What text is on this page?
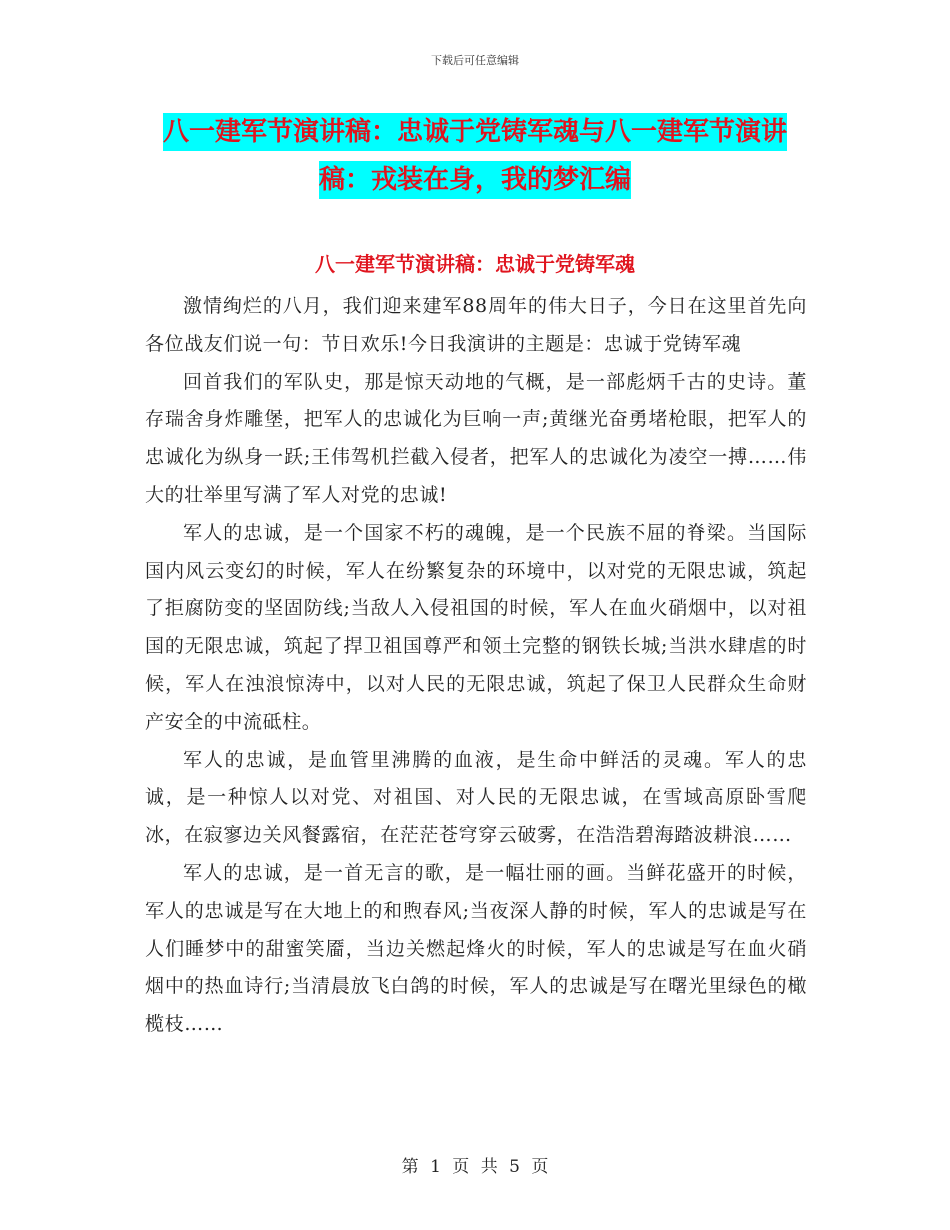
下载后可任意编辑
八一建军节演讲稿：忠诚于党铸军魂与八一建军节演讲稿：戎装在身，我的梦汇编
八一建军节演讲稿：忠诚于党铸军魂

激情绚烂的八月，我们迎来建军88周年的伟大日子，今日在这里首先向各位战友们说一句：节日欢乐!今日我演讲的主题是：忠诚于党铸军魂

回首我们的军队史，那是惊天动地的气概，是一部彪炳千古的史诗。董存瑞舍身炸雕堡，把军人的忠诚化为巨响一声;黄继光奋勇堵枪眼，把军人的忠诚化为纵身一跃;王伟驾机拦截入侵者，把军人的忠诚化为凌空一搏……伟大的壮举里写满了军人对党的忠诚!

军人的忠诚，是一个国家不朽的魂魄，是一个民族不屈的脊梁。当国际国内风云变幻的时候，军人在纷繁复杂的环境中，以对党的无限忠诚，筑起了拒腐防变的坚固防线;当敌人入侵祖国的时候，军人在血火硝烟中，以对祖国的无限忠诚，筑起了捍卫祖国尊严和领土完整的钢铁长城;当洪水肆虐的时候，军人在浊浪惊涛中，以对人民的无限忠诚，筑起了保卫人民群众生命财产安全的中流砥柱。

军人的忠诚，是血管里沸腾的血液，是生命中鲜活的灵魂。军人的忠诚，是一种惊人以对党、对祖国、对人民的无限忠诚，在雪域高原卧雪爬冰，在寂寥边关风餐露宿，在茫茫苍穹穿云破雾，在浩浩碧海踏波耕浪……

军人的忠诚，是一首无言的歌，是一幅壮丽的画。当鲜花盛开的时候，军人的忠诚是写在大地上的和煦春风;当夜深人静的时候，军人的忠诚是写在人们睡梦中的甜蜜笑靥，当边关燃起烽火的时候，军人的忠诚是写在血火硝烟中的热血诗行;当清晨放飞白鸽的时候，军人的忠诚是写在曙光里绿色的橄榄枝……

第 1 页 共 5 页
